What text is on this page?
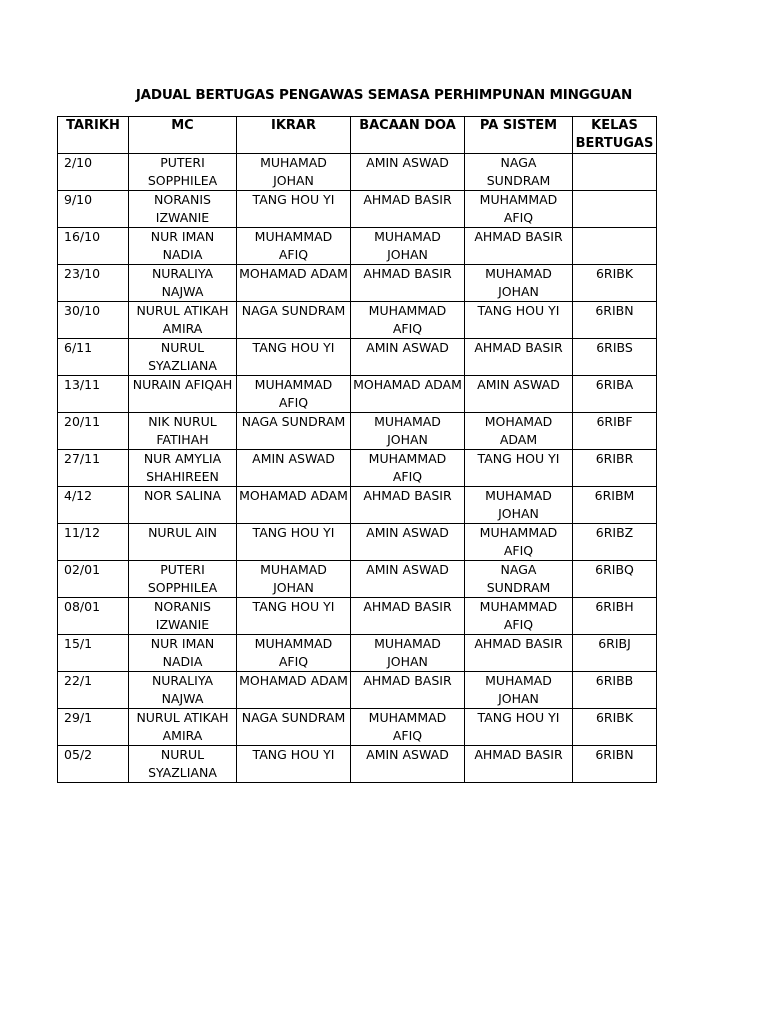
JADUAL BERTUGAS PENGAWAS SEMASA PERHIMPUNAN MINGGUAN
TARIKH	MC	IKRAR	BACAAN DOA	PA SISTEM	KELAS BERTUGAS
2/10	PUTERI SOPPHILEA	MUHAMAD JOHAN	AMIN ASWAD	NAGA SUNDRAM	
9/10	NORANIS IZWANIE	TANG HOU YI	AHMAD BASIR	MUHAMMAD AFIQ	
16/10	NUR IMAN NADIA	MUHAMMAD AFIQ	MUHAMAD JOHAN	AHMAD BASIR	
23/10	NURALIYA NAJWA	MOHAMAD ADAM	AHMAD BASIR	MUHAMAD JOHAN	6RIBK
30/10	NURUL ATIKAH AMIRA	NAGA SUNDRAM	MUHAMMAD AFIQ	TANG HOU YI	6RIBN
6/11	NURUL SYAZLIANA	TANG HOU YI	AMIN ASWAD	AHMAD BASIR	6RIBS
13/11	NURAIN AFIQAH	MUHAMMAD AFIQ	MOHAMAD ADAM	AMIN ASWAD	6RIBA
20/11	NIK NURUL FATIHAH	NAGA SUNDRAM	MUHAMAD JOHAN	MOHAMAD ADAM	6RIBF
27/11	NUR AMYLIA SHAHIREEN	AMIN ASWAD	MUHAMMAD AFIQ	TANG HOU YI	6RIBR
4/12	NOR SALINA	MOHAMAD ADAM	AHMAD BASIR	MUHAMAD JOHAN	6RIBM
11/12	NURUL AIN	TANG HOU YI	AMIN ASWAD	MUHAMMAD AFIQ	6RIBZ
02/01	PUTERI SOPPHILEA	MUHAMAD JOHAN	AMIN ASWAD	NAGA SUNDRAM	6RIBQ
08/01	NORANIS IZWANIE	TANG HOU YI	AHMAD BASIR	MUHAMMAD AFIQ	6RIBH
15/1	NUR IMAN NADIA	MUHAMMAD AFIQ	MUHAMAD JOHAN	AHMAD BASIR	6RIBJ
22/1	NURALIYA NAJWA	MOHAMAD ADAM	AHMAD BASIR	MUHAMAD JOHAN	6RIBB
29/1	NURUL ATIKAH AMIRA	NAGA SUNDRAM	MUHAMMAD AFIQ	TANG HOU YI	6RIBK
05/2	NURUL SYAZLIANA	TANG HOU YI	AMIN ASWAD	AHMAD BASIR	6RIBN
